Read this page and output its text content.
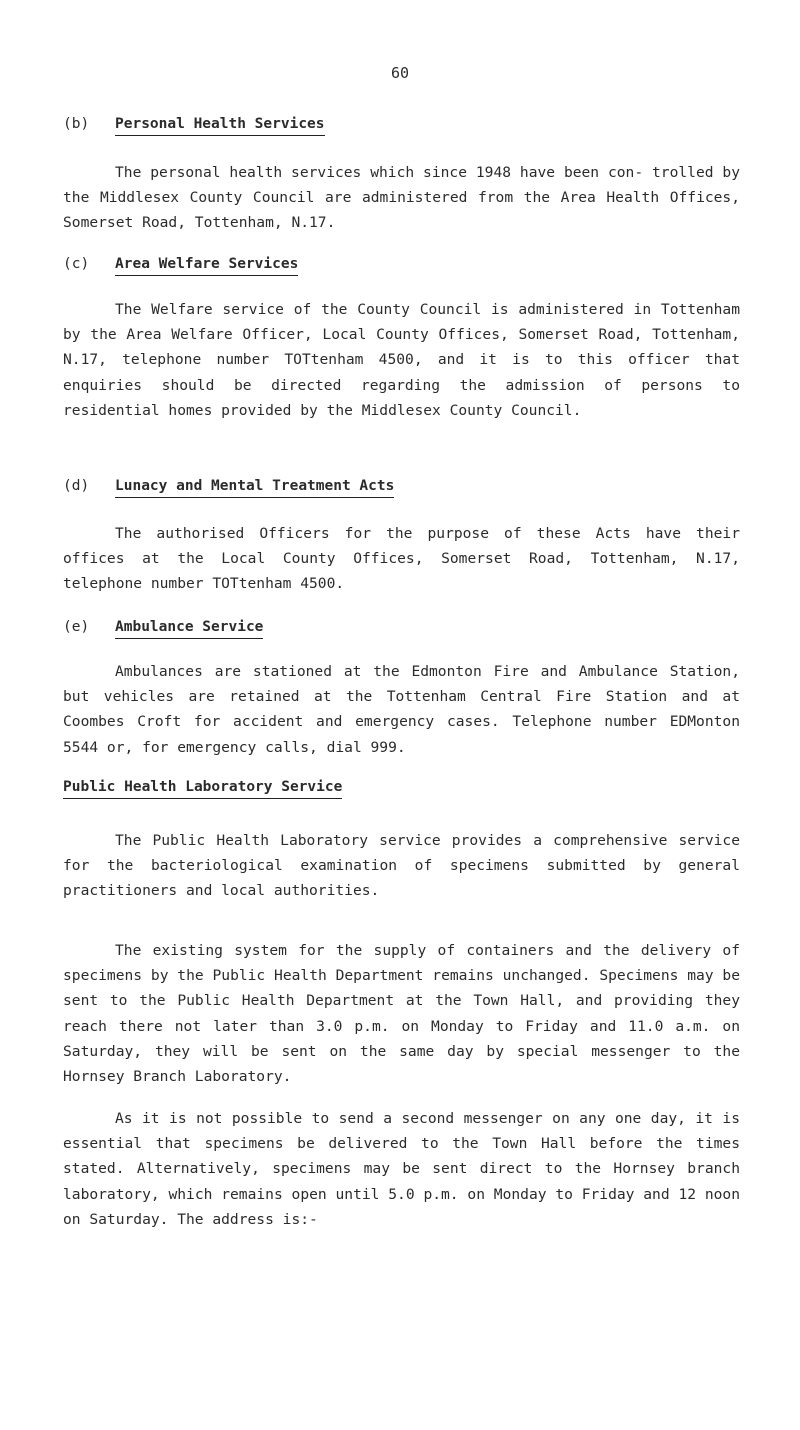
60
(b) Personal Health Services
The personal health services which since 1948 have been con- trolled by the Middlesex County Council are administered from the Area Health Offices, Somerset Road, Tottenham, N.17.
(c) Area Welfare Services
The Welfare service of the County Council is administered in Tottenham by the Area Welfare Officer, Local County Offices, Somerset Road, Tottenham, N.17, telephone number TOTtenham 4500, and it is to this officer that enquiries should be directed regarding the admission of persons to residential homes provided by the Middlesex County Council.
(d) Lunacy and Mental Treatment Acts
The authorised Officers for the purpose of these Acts have their offices at the Local County Offices, Somerset Road, Tottenham, N.17, telephone number TOTtenham 4500.
(e) Ambulance Service
Ambulances are stationed at the Edmonton Fire and Ambulance Station, but vehicles are retained at the Tottenham Central Fire Station and at Coombes Croft for accident and emergency cases. Telephone number EDMonton 5544 or, for emergency calls, dial 999.
Public Health Laboratory Service
The Public Health Laboratory service provides a comprehensive service for the bacteriological examination of specimens submitted by general practitioners and local authorities.
The existing system for the supply of containers and the delivery of specimens by the Public Health Department remains unchanged. Specimens may be sent to the Public Health Department at the Town Hall, and providing they reach there not later than 3.0 p.m. on Monday to Friday and 11.0 a.m. on Saturday, they will be sent on the same day by special messenger to the Hornsey Branch Laboratory.
As it is not possible to send a second messenger on any one day, it is essential that specimens be delivered to the Town Hall before the times stated. Alternatively, specimens may be sent direct to the Hornsey branch laboratory, which remains open until 5.0 p.m. on Monday to Friday and 12 noon on Saturday. The address is:-
